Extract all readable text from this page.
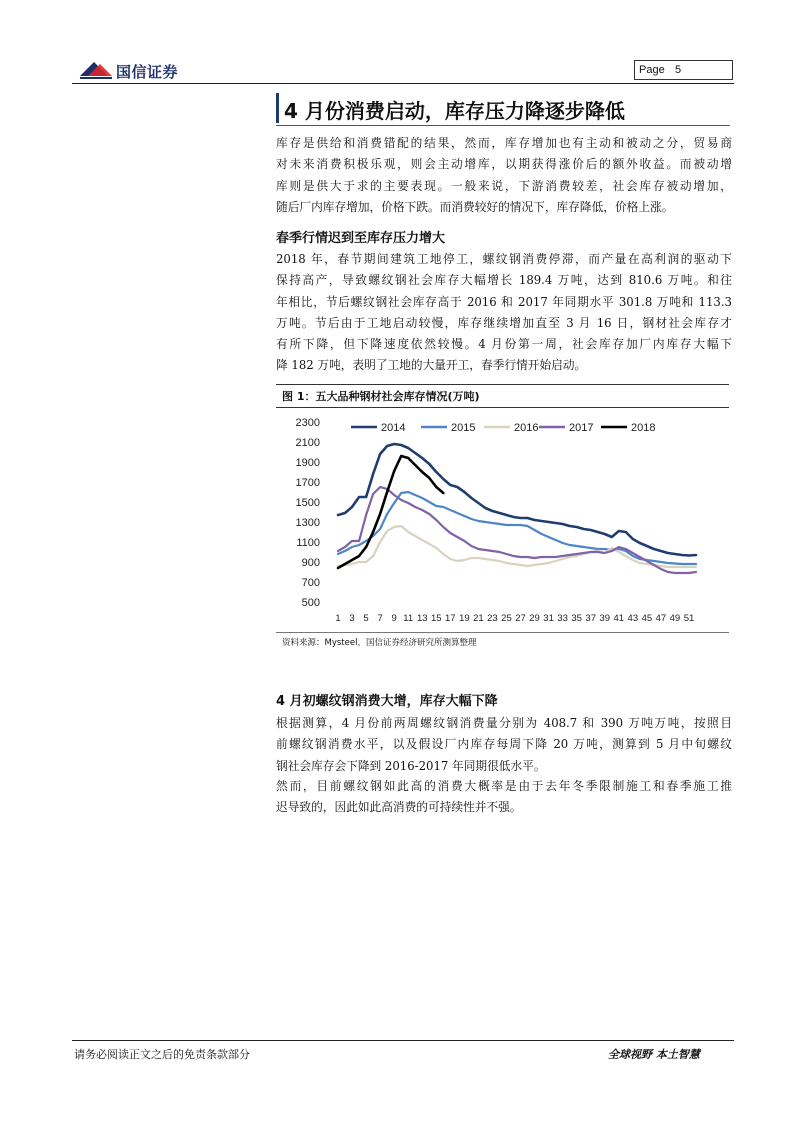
国信证券	Page 5
4 月份消费启动，库存压力降逐步降低
库存是供给和消费错配的结果，然而，库存增加也有主动和被动之分，贸易商
对未来消费积极乐观，则会主动增库，以期获得涨价后的额外收益。而被动增
库则是供大于求的主要表现。一般来说，下游消费较差，社会库存被动增加，
随后厂内库存增加，价格下跌。而消费较好的情况下，库存降低，价格上涨。
春季行情迟到至库存压力增大
2018 年，春节期间建筑工地停工，螺纹钢消费停滞，而产量在高利润的驱动下
保持高产，导致螺纹钢社会库存大幅增长 189.4 万吨，达到 810.6 万吨。和往
年相比，节后螺纹钢社会库存高于 2016 和 2017 年同期水平 301.8 万吨和 113.3
万吨。节后由于工地启动较慢，库存继续增加直至 3 月 16 日，钢材社会库存才
有所下降，但下降速度依然较慢。4 月份第一周，社会库存加厂内库存大幅下
降 182 万吨，表明了工地的大量开工，春季行情开始启动。
图 1：五大品种钢材社会库存情况(万吨)
500
700
900
1100
1300
1500
1700
1900
2100
2300
1 3 5 7 9 11 13 15 17 19 21 23 25 27 29 31 33 35 37 39 41 43 45 47 49 51
2014	2015	2016	2017	2018
资料来源：Mysteel，国信证券经济研究所测算整理
4 月初螺纹钢消费大增，库存大幅下降
根据测算，4 月份前两周螺纹钢消费量分别为 408.7 和 390 万吨万吨，按照目
前螺纹钢消费水平，以及假设厂内库存每周下降 20 万吨，测算到 5 月中旬螺纹
钢社会库存会下降到 2016-2017 年同期很低水平。
然而，目前螺纹钢如此高的消费大概率是由于去年冬季限制施工和春季施工推
迟导致的，因此如此高消费的可持续性并不强。
请务必阅读正文之后的免责条款部分	全球视野 本土智慧
